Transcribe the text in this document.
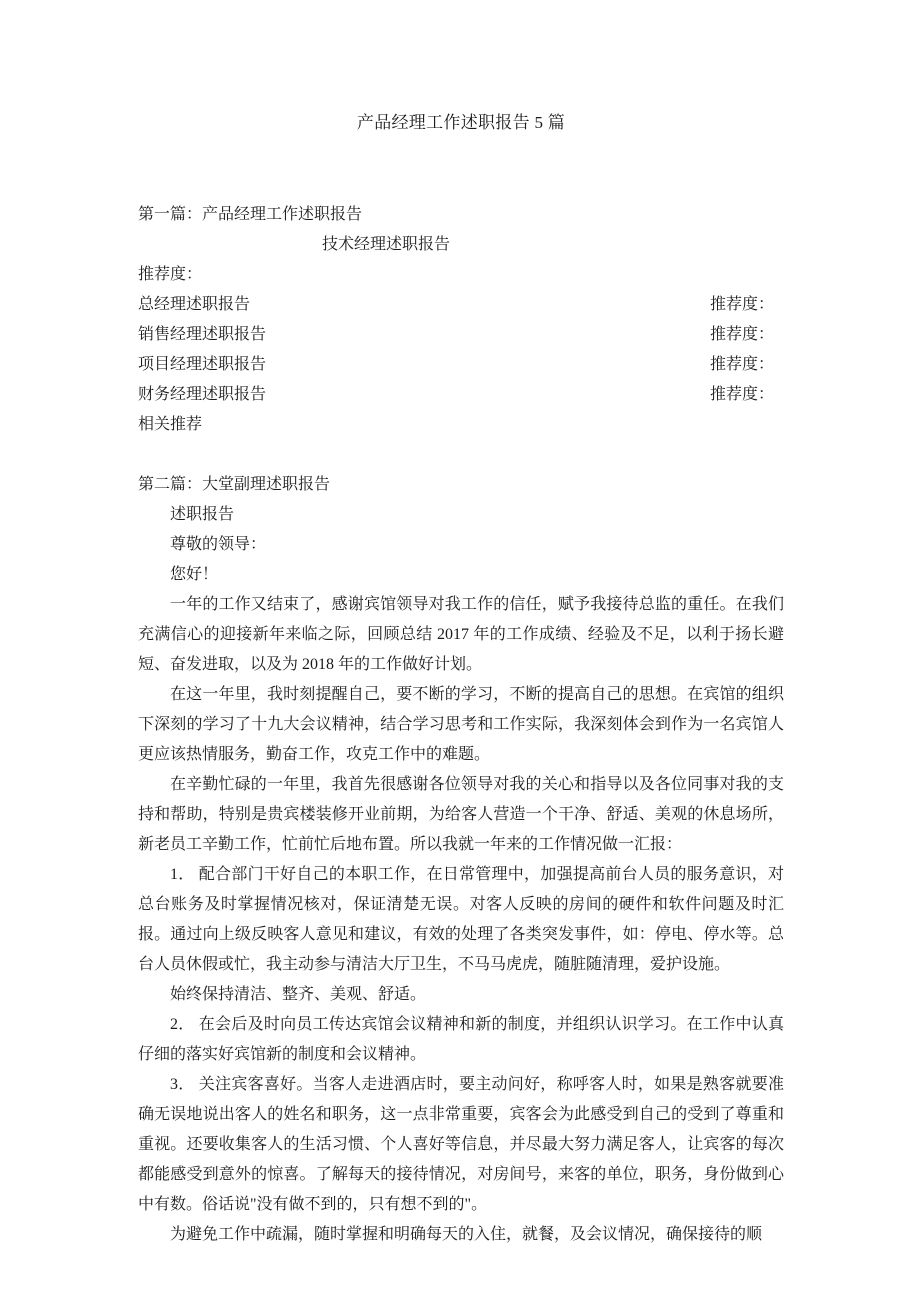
产品经理工作述职报告 5 篇
第一篇：产品经理工作述职报告
技术经理述职报告
推荐度：
总经理述职报告	推荐度：
销售经理述职报告	推荐度：
项目经理述职报告	推荐度：
财务经理述职报告	推荐度：
相关推荐
第二篇：大堂副理述职报告
述职报告
尊敬的领导：
您好！

一年的工作又结束了，感谢宾馆领导对我工作的信任，赋予我接待总监的重任。在我们充满信心的迎接新年来临之际，回顾总结 2017 年的工作成绩、经验及不足，以利于扬长避短、奋发进取，以及为 2018 年的工作做好计划。

在这一年里，我时刻提醒自己，要不断的学习，不断的提高自己的思想。在宾馆的组织下深刻的学习了十九大会议精神，结合学习思考和工作实际，我深刻体会到作为一名宾馆人更应该热情服务，勤奋工作，攻克工作中的难题。

在辛勤忙碌的一年里，我首先很感谢各位领导对我的关心和指导以及各位同事对我的支持和帮助，特别是贵宾楼装修开业前期，为给客人营造一个干净、舒适、美观的休息场所，新老员工辛勤工作，忙前忙后地布置。所以我就一年来的工作情况做一汇报：

1． 配合部门干好自己的本职工作，在日常管理中，加强提高前台人员的服务意识，对总台账务及时掌握情况核对，保证清楚无误。对客人反映的房间的硬件和软件问题及时汇报。通过向上级反映客人意见和建议，有效的处理了各类突发事件，如：停电、停水等。总台人员休假或忙，我主动参与清洁大厅卫生，不马马虎虎，随脏随清理，爱护设施。

始终保持清洁、整齐、美观、舒适。

2． 在会后及时向员工传达宾馆会议精神和新的制度，并组织认识学习。在工作中认真仔细的落实好宾馆新的制度和会议精神。

3． 关注宾客喜好。当客人走进酒店时，要主动问好，称呼客人时，如果是熟客就要准确无误地说出客人的姓名和职务，这一点非常重要，宾客会为此感受到自己的受到了尊重和重视。还要收集客人的生活习惯、个人喜好等信息，并尽最大努力满足客人，让宾客的每次都能感受到意外的惊喜。了解每天的接待情况，对房间号，来客的单位，职务，身份做到心中有数。俗话说"没有做不到的，只有想不到的"。

为避免工作中疏漏，随时掌握和明确每天的入住，就餐，及会议情况，确保接待的顺
